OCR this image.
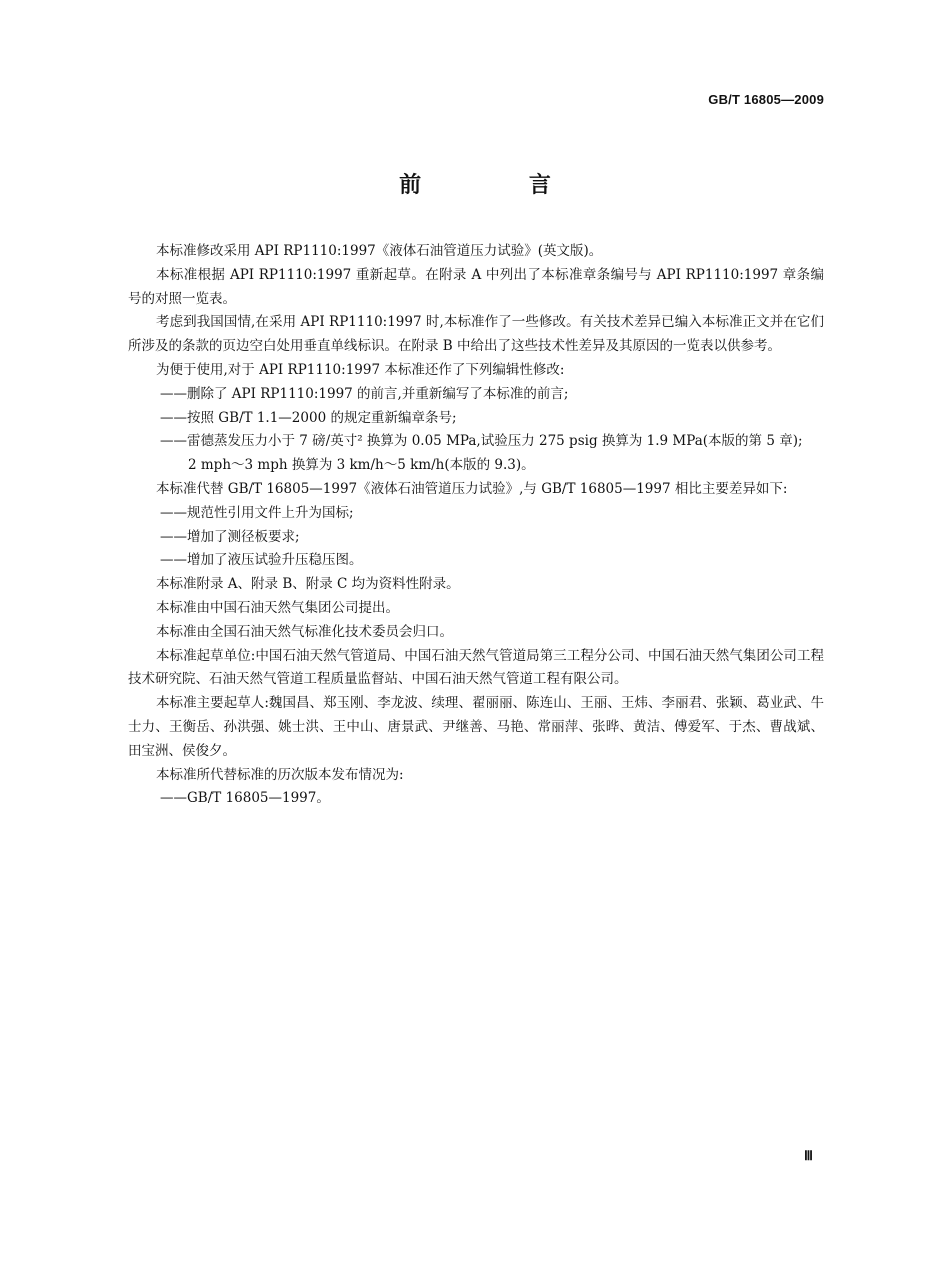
GB/T 16805—2009
前 言

本标准修改采用 API RP1110:1997《液体石油管道压力试验》(英文版)。

本标准根据 API RP1110:1997 重新起草。在附录 A 中列出了本标准章条编号与 API RP1110:1997 章条编号的对照一览表。

考虑到我国国情,在采用 API RP1110:1997 时,本标准作了一些修改。有关技术差异已编入本标准正文并在它们所涉及的条款的页边空白处用垂直单线标识。在附录 B 中给出了这些技术性差异及其原因的一览表以供参考。

为便于使用,对于 API RP1110:1997 本标准还作了下列编辑性修改:

——删除了 API RP1110:1997 的前言,并重新编写了本标准的前言;

——按照 GB/T 1.1—2000 的规定重新编章条号;

——雷德蒸发压力小于 7 磅/英寸² 换算为 0.05 MPa,试验压力 275 psig 换算为 1.9 MPa(本版的第 5 章);

2 mph～3 mph 换算为 3 km/h～5 km/h(本版的 9.3)。

本标准代替 GB/T 16805—1997《液体石油管道压力试验》,与 GB/T 16805—1997 相比主要差异如下:

——规范性引用文件上升为国标;

——增加了测径板要求;

——增加了液压试验升压稳压图。

本标准附录 A、附录 B、附录 C 均为资料性附录。

本标准由中国石油天然气集团公司提出。

本标准由全国石油天然气标准化技术委员会归口。

本标准起草单位:中国石油天然气管道局、中国石油天然气管道局第三工程分公司、中国石油天然气集团公司工程技术研究院、石油天然气管道工程质量监督站、中国石油天然气管道工程有限公司。

本标准主要起草人:魏国昌、郑玉刚、李龙波、续理、翟丽丽、陈连山、王丽、王炜、李丽君、张颖、葛业武、牛士力、王衡岳、孙洪强、姚士洪、王中山、唐景武、尹继善、马艳、常丽萍、张晔、黄洁、傅爱军、于杰、曹战斌、田宝洲、侯俊夕。

本标准所代替标准的历次版本发布情况为:

——GB/T 16805—1997。

Ⅲ
